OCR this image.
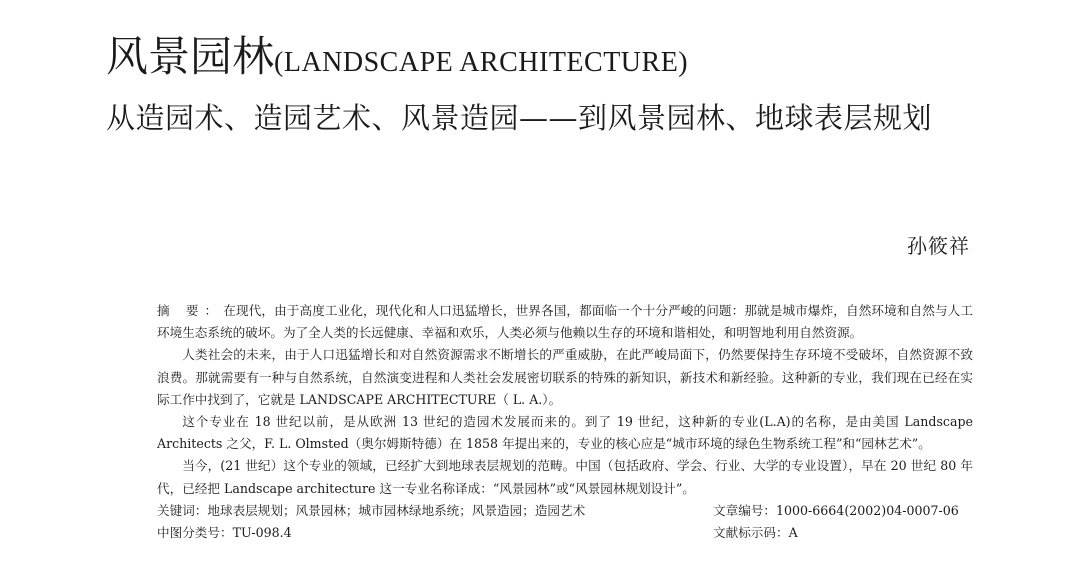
风景园林(LANDSCAPE ARCHITECTURE)
从造园术、造园艺术、风景造园——到风景园林、地球表层规划
孙筱祥

摘 要：在现代，由于高度工业化，现代化和人口迅猛增长，世界各国，都面临一个十分严峻的问题：那就是城市爆炸，自然环境和自然与人工环境生态系统的破坏。为了全人类的长远健康、幸福和欢乐，人类必须与他赖以生存的环境和谐相处，和明智地利用自然资源。

人类社会的未来，由于人口迅猛增长和对自然资源需求不断增长的严重威胁，在此严峻局面下，仍然要保持生存环境不受破坏，自然资源不致浪费。那就需要有一种与自然系统，自然演变进程和人类社会发展密切联系的特殊的新知识，新技术和新经验。这种新的专业，我们现在已经在实际工作中找到了，它就是 LANDSCAPE ARCHITECTURE（ L. A.）。

这个专业在 18 世纪以前，是从欧洲 13 世纪的造园术发展而来的。到了 19 世纪，这种新的专业(L.A)的名称，是由美国 Landscape Architects 之父，F. L. Olmsted（奥尔姆斯特德）在 1858 年提出来的，专业的核心应是“城市环境的绿色生物系统工程”和“园林艺术”。

当今，(21 世纪）这个专业的领域，已经扩大到地球表层规划的范畴。中国（包括政府、学会、行业、大学的专业设置），早在 20 世纪 80 年代，已经把 Landscape architecture 这一专业名称译成：“风景园林”或“风景园林规划设计”。

关键词：地球表层规划；风景园林；城市园林绿地系统；风景造园；造园艺术	文章编号：1000-6664(2002)04-0007-06
中图分类号：TU-098.4	文献标示码：A
